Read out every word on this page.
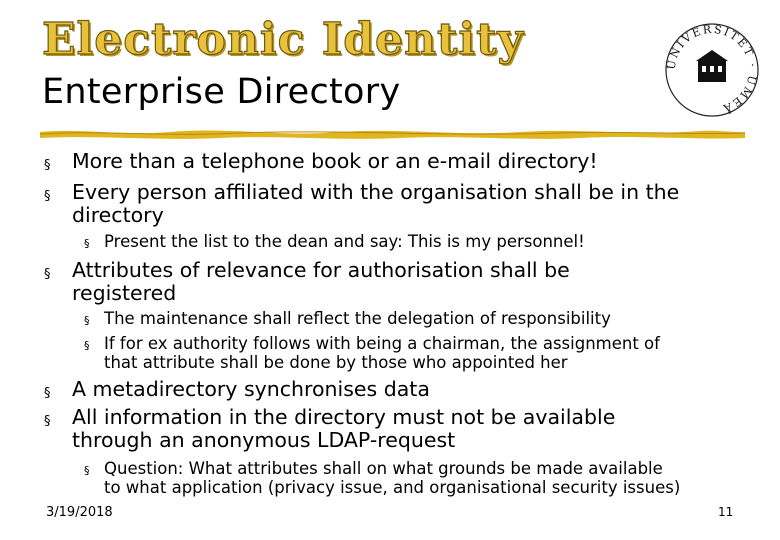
Electronic Identity
Enterprise Directory
UNIVERSITET · UMEÅ
§ More than a telephone book or an e-mail directory!
§ Every person affiliated with the organisation shall be in the
directory
§ Present the list to the dean and say: This is my personnel!
§ Attributes of relevance for authorisation shall be
registered
§ The maintenance shall reflect the delegation of responsibility
§ If for ex authority follows with being a chairman, the assignment of
that attribute shall be done by those who appointed her
§ A metadirectory synchronises data
§ All information in the directory must not be available
through an anonymous LDAP-request
§ Question: What attributes shall on what grounds be made available
to what application (privacy issue, and organisational security issues)
3/19/2018	11
